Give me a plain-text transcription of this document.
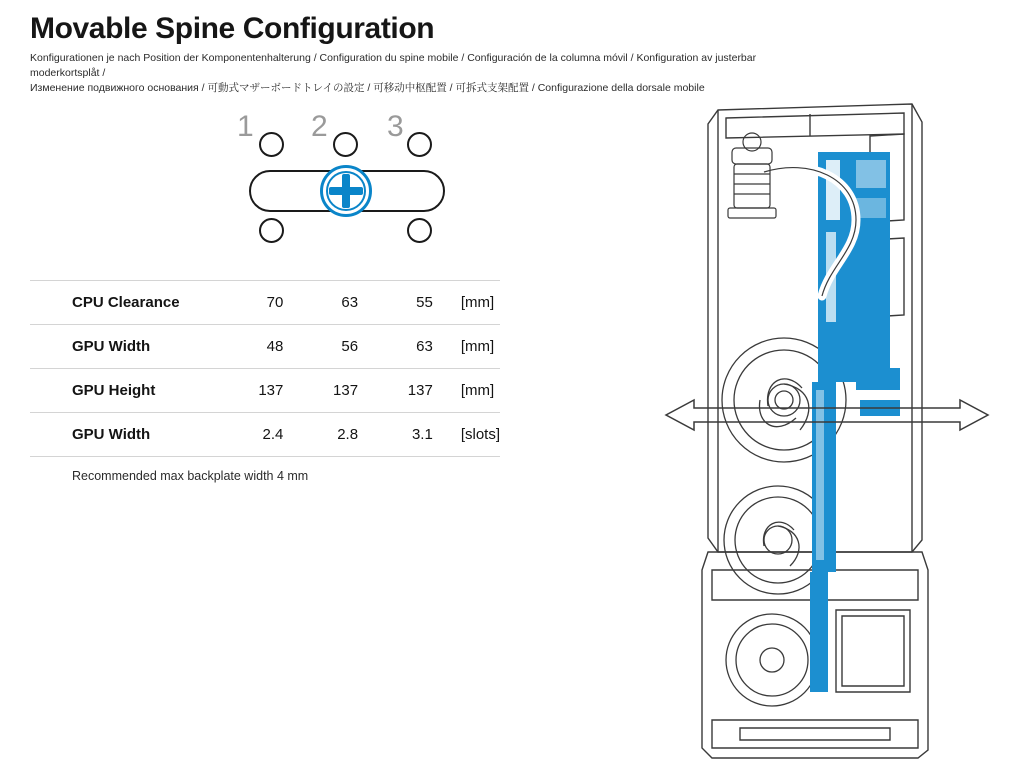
Movable Spine Configuration

Konfigurationen je nach Position der Komponentenhalterung / Configuration du spine mobile / Configuración de la columna móvil / Konfiguration av justerbar moderkortsplåt /
Изменение подвижного основания / 可動式マザーボードトレイの設定 / 可移动中枢配置 / 可拆式支架配置 / Configurazione della dorsale mobile

1 2 3
CPU Clearance	70	63	55	[mm]
GPU Width	48	56	63	[mm]
GPU Height	137	137	137	[mm]
GPU Width	2.4	2.8	3.1	[slots]
Recommended max backplate width 4 mm
